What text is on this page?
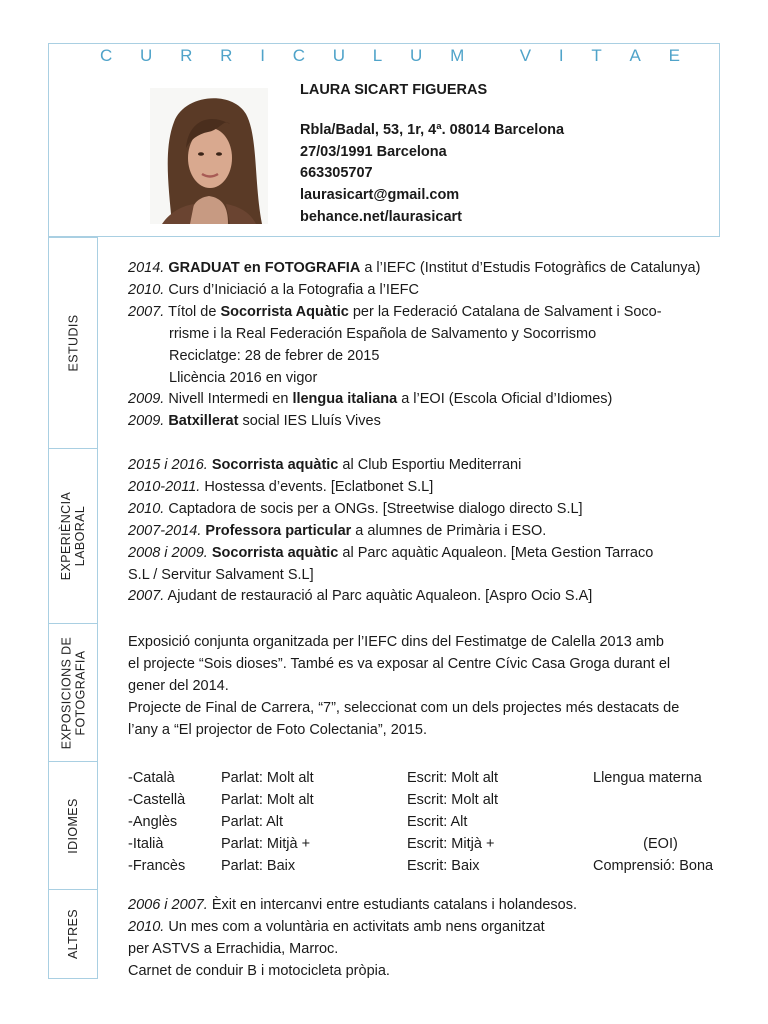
C U R R I C U L U M	V I T A E
LAURA SICART FIGUERAS
Rbla/Badal, 53, 1r, 4ª. 08014 Barcelona
27/03/1991 Barcelona
663305707
laurasicart@gmail.com
behance.net/laurasicart
ESTUDIS
EXPERIÈNCIA LABORAL
EXPOSICIONS DE FOTOGRAFIA
IDIOMES
ALTRES

2014. GRADUAT en FOTOGRAFIA a l’IEFC (Institut d’Estudis Fotogràfics de Catalunya)

2010. Curs d’Iniciació a la Fotografia a l’IEFC

2007. Títol de Socorrista Aquàtic per la Federació Catalana de Salvament i Soco-

rrisme i la Real Federación Española de Salvamento y Socorrismo

Reciclatge: 28 de febrer de 2015

Llicència 2016 en vigor

2009. Nivell Intermedi en llengua italiana a l’EOI (Escola Oficial d’Idiomes)

2009. Batxillerat social IES Lluís Vives

2015 i 2016. Socorrista aquàtic al Club Esportiu Mediterrani

2010-2011. Hostessa d’events. [Eclatbonet S.L]

2010. Captadora de socis per a ONGs. [Streetwise dialogo directo S.L]

2007-2014. Professora particular a alumnes de Primària i ESO.

2008 i 2009. Socorrista aquàtic al Parc aquàtic Aqualeon. [Meta Gestion Tarraco

S.L / Servitur Salvament S.L]

2007. Ajudant de restauració al Parc aquàtic Aqualeon. [Aspro Ocio S.A]

Exposició conjunta organitzada per l’IEFC dins del Festimatge de Calella 2013 amb

el projecte “Sois dioses”. També es va exposar al Centre Cívic Casa Groga durant el

gener del 2014.

Projecte de Final de Carrera, “7”, seleccionat com un dels projectes més destacats de

l’any a “El projector de Foto Colectania”, 2015.

-Català	Parlat: Molt alt	Escrit: Molt alt	Llengua materna
-Castellà	Parlat: Molt alt	Escrit: Molt alt	
-Anglès	Parlat: Alt	Escrit: Alt	
-Italià	Parlat: Mitjà +	Escrit: Mitjà +	(EOI)
-Francès	Parlat: Baix	Escrit: Baix	Comprensió: Bona

2006 i 2007. Èxit en intercanvi entre estudiants catalans i holandesos.

2010. Un mes com a voluntària en activitats amb nens organitzat

per ASTVS a Errachidia, Marroc.

Carnet de conduir B i motocicleta pròpia.
